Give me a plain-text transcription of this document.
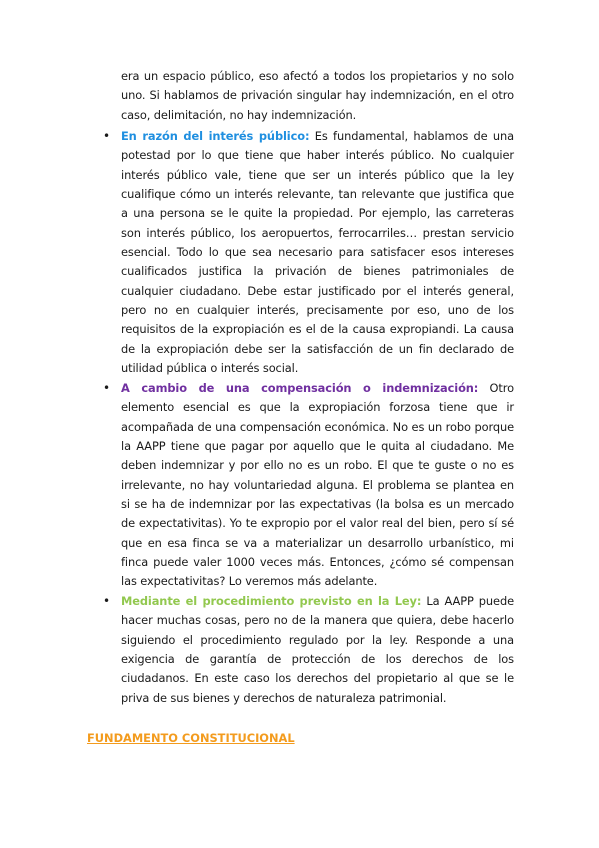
era un espacio público, eso afectó a todos los propietarios y no solo uno. Si hablamos de privación singular hay indemnización, en el otro caso, delimitación, no hay indemnización.

• En razón del interés público: Es fundamental, hablamos de una potestad por lo que tiene que haber interés público. No cualquier interés público vale, tiene que ser un interés público que la ley cualifique cómo un interés relevante, tan relevante que justifica que a una persona se le quite la propiedad. Por ejemplo, las carreteras son interés público, los aeropuertos, ferrocarriles… prestan servicio esencial. Todo lo que sea necesario para satisfacer esos intereses cualificados justifica la privación de bienes patrimoniales de cualquier ciudadano. Debe estar justificado por el interés general, pero no en cualquier interés, precisamente por eso, uno de los requisitos de la expropiación es el de la causa expropiandi. La causa de la expropiación debe ser la satisfacción de un fin declarado de utilidad pública o interés social.

• A cambio de una compensación o indemnización: Otro elemento esencial es que la expropiación forzosa tiene que ir acompañada de una compensación económica. No es un robo porque la AAPP tiene que pagar por aquello que le quita al ciudadano. Me deben indemnizar y por ello no es un robo. El que te guste o no es irrelevante, no hay voluntariedad alguna. El problema se plantea en si se ha de indemnizar por las expectativas (la bolsa es un mercado de expectativitas). Yo te expropio por el valor real del bien, pero sí sé que en esa finca se va a materializar un desarrollo urbanístico, mi finca puede valer 1000 veces más. Entonces, ¿cómo sé compensan las expectativitas? Lo veremos más adelante.

• Mediante el procedimiento previsto en la Ley: La AAPP puede hacer muchas cosas, pero no de la manera que quiera, debe hacerlo siguiendo el procedimiento regulado por la ley. Responde a una exigencia de garantía de protección de los derechos de los ciudadanos. En este caso los derechos del propietario al que se le priva de sus bienes y derechos de naturaleza patrimonial.

FUNDAMENTO CONSTITUCIONAL
